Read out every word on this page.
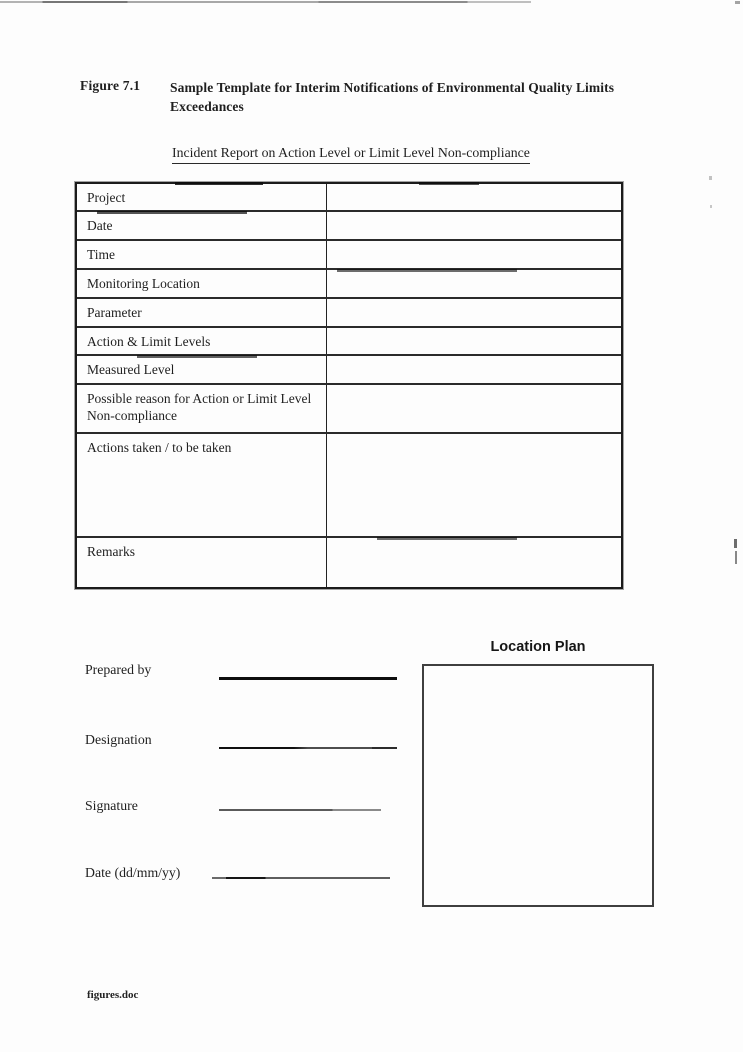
Figure 7.1 Sample Template for Interim Notifications of Environmental Quality Limits
Exceedances
Incident Report on Action Level or Limit Level Non-compliance
Project
Date
Time
Monitoring Location
Parameter
Action & Limit Levels
Measured Level
Possible reason for Action or Limit Level Non-compliance
Actions taken / to be taken
Remarks
Prepared by
Designation
Signature
Date (dd/mm/yy)
Location Plan
figures.doc
